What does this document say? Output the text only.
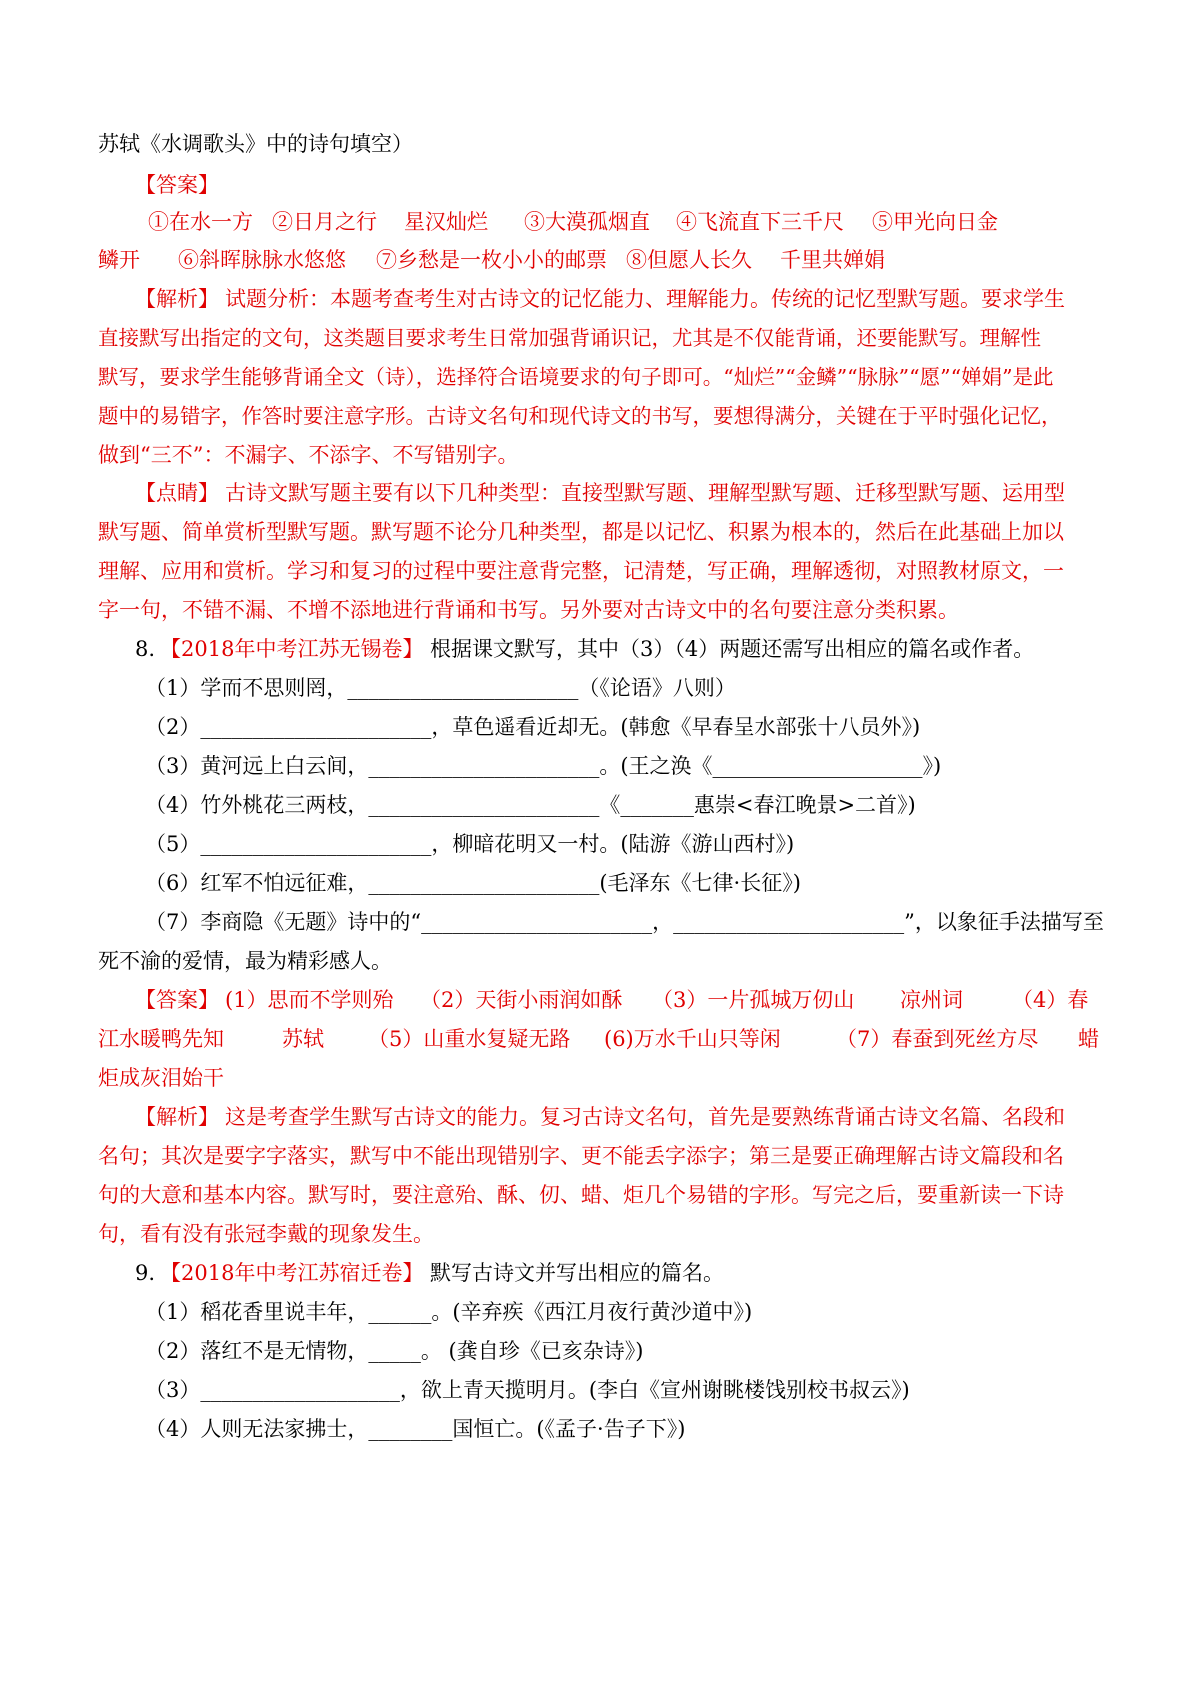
苏轼《水调歌头》中的诗句填空）
【答案】
①在水一方 ②日月之行 星汉灿烂 ③大漠孤烟直 ④飞流直下三千尺 ⑤甲光向日金
鳞开 ⑥斜晖脉脉水悠悠 ⑦乡愁是一枚小小的邮票 ⑧但愿人长久 千里共婵娟
【解析】 试题分析：本题考查考生对古诗文的记忆能力、理解能力。传统的记忆型默写题。要求学生
直接默写出指定的文句，这类题目要求考生日常加强背诵识记，尤其是不仅能背诵，还要能默写。理解性
默写，要求学生能够背诵全文（诗），选择符合语境要求的句子即可。“灿烂”“金鳞”“脉脉”“愿”“婵娟”是此
题中的易错字，作答时要注意字形。古诗文名句和现代诗文的书写，要想得满分，关键在于平时强化记忆，
做到“三不”：不漏字、不添字、不写错别字。
【点睛】 古诗文默写题主要有以下几种类型：直接型默写题、理解型默写题、迁移型默写题、运用型
默写题、简单赏析型默写题。默写题不论分几种类型，都是以记忆、积累为根本的，然后在此基础上加以
理解、应用和赏析。学习和复习的过程中要注意背完整，记清楚，写正确，理解透彻，对照教材原文，一
字一句，不错不漏、不增不添地进行背诵和书写。另外要对古诗文中的名句要注意分类积累。
8. 【2018年中考江苏无锡卷】 根据课文默写，其中（3）（4）两题还需写出相应的篇名或作者。
（1）学而不思则罔，______________________（《论语》八则）
（2）______________________，草色遥看近却无。(韩愈《早春呈水部张十八员外》)
（3）黄河远上白云间，______________________。(王之涣《____________________》)
（4）竹外桃花三两枝，______________________《_______惠崇<春江晚景>二首》)
（5）______________________，柳暗花明又一村。(陆游《游山西村》)
（6）红军不怕远征难，______________________(毛泽东《七律·长征》)
（7）李商隐《无题》诗中的“______________________，______________________”，以象征手法描写至
死不渝的爱情，最为精彩感人。
【答案】 (1）思而不学则殆 （2）天街小雨润如酥 （3）一片孤城万仞山 凉州词 （4）春
江水暖鸭先知	苏轼 （5）山重水复疑无路 (6)万水千山只等闲	（7）春蚕到死丝方尽 蜡
炬成灰泪始干
【解析】 这是考查学生默写古诗文的能力。复习古诗文名句，首先是要熟练背诵古诗文名篇、名段和
名句；其次是要字字落实，默写中不能出现错别字、更不能丢字添字；第三是要正确理解古诗文篇段和名
句的大意和基本内容。默写时，要注意殆、酥、仞、蜡、炬几个易错的字形。写完之后，要重新读一下诗
句，看有没有张冠李戴的现象发生。
9. 【2018年中考江苏宿迁卷】 默写古诗文并写出相应的篇名。
（1）稻花香里说丰年，______。(辛弃疾《西江月夜行黄沙道中》)
（2）落红不是无情物，_____。 (龚自珍《已亥杂诗》)
（3）___________________，欲上青天揽明月。(李白《宣州谢眺楼饯别校书叔云》)
（4）人则无法家拂士，________国恒亡。(《孟子·告子下》)
